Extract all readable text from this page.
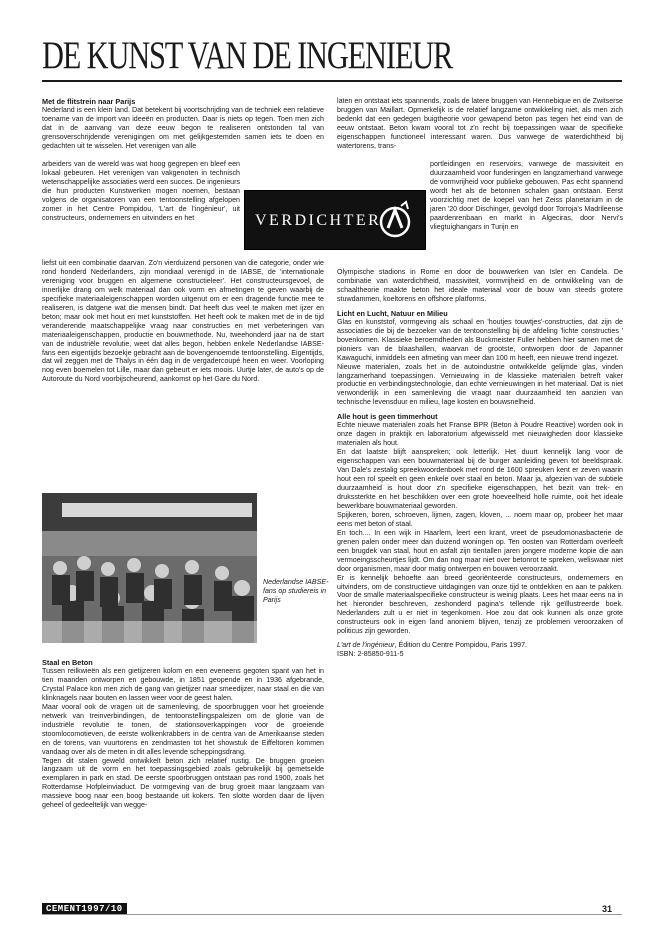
DE KUNST VAN DE INGENIEUR
Met de flitstrein naar Parijs

Nederland is een klein land. Dat betekent bij voortschrijding van de techniek een relatieve toename van de import van ideeën en producten. Daar is niets op tegen. Toen men zich dat in de aanvang van deze eeuw begon te realiseren ontstonden tal van grensoverschrijdende verenigingen om met gelijkgestemden samen iets te doen en gedachten uit te wisselen. Het verenigen van alle

laten en ontstaat iets spannends, zoals de latere bruggen van Hennebique en de Zwitserse bruggen van Maillart. Opmerkelijk is de relatief langzame ontwikkeling niet, als men zich bedenkt dat een gedegen buigtheorie voor gewapend beton pas tegen het eind van de eeuw ontstaat. Beton kwam vooral tot z'n recht bij toepassingen waar de specifieke eigenschappen functioneel interessant waren. Dus vanwege de waterdichtheid bij watertorens, trans-

arbeiders van de wereld was wat hoog gegrepen en bleef een lokaal gebeuren. Het verenigen van vakgenoten in technisch wetenschappelijke associaties werd een succes. De ingenieurs die hun producten Kunstwerken mogen noemen, bestaan volgens de organisatoren van een tentoonstelling afgelopen zomer in het Centre Pompidou, 'L'art de l'ingénieur', uit constructeurs, ondernemers en uitvinders en het

portleidingen en reservoirs, vanwege de massiviteit en duurzaamheid voor funderingen en langzamerhand vanwege de vormvrijheid voor publieke gebouwen. Pas echt spannend wordt het als de betonnen schalen gaan ontstaan. Eerst voorzichtig met de koepel van het Zeiss planetarium in de jaren '20 door Dischinger, gevolgd door Torroja's Madrileense paardenrenbaan en markt in Algeciras, door Nervi's vliegtuighangars in Turijn en

VERDICHTER

liefst uit een combinatie daarvan. Zo'n vierduizend personen van die categorie, onder wie rond honderd Nederlanders, zijn mondiaal verenigd in de IABSE, de 'internationale vereniging voor bruggen en algemene constructieleer'. Het constructeursgevoel, de innerlijke drang om welk materiaal dan ook vorm en afmetingen te geven waarbij de specifieke materiaaleigenschappen worden uitgenut om er een dragende functie mee te realiseren, is datgene wat die mensen bindt. Dat heeft dus veel te maken met ijzer en beton; maar ook met hout en met kunststoffen. Het heeft ook te maken met de in de tijd veranderende maatschappelijke vraag naar constructies en met verbeteringen van materiaaleigenschappen, productie en bouwmethode. Nu, tweehonderd jaar na de start van de industriële revolutie, weet dat alles begon, hebben enkele Nederlandse IABSE-fans een eigentijds bezoekje gebracht aan de bovengenoemde tentoonstelling. Eigentijds, dat wil zeggen met de Thalys in één dag in de vergadercoupé heen en weer. Voorloping nog even boemelen tot Lille, maar dan gebeurt er iets moois. Uurtje later, de auto's op de Autoroute du Nord voorbijscheurend, aankomst op het Gare du Nord.

Olympische stadions in Rome en door de bouwwerken van Isler en Candela. De combinatie van waterdichtheid, massiviteit, vormvrijheid en de ontwikkeling van de schaaltheorie maakte beton het ideale materiaal voor de bouw van steeds grotere stuwdammen, koeltorens en offshore platforms.

Licht en Lucht, Natuur en Milieu

Glas en kunststof, vormgeving als schaal en 'houtjes touwtjes'-constructies, dat zijn de associaties die bij de bezoeker van de tentoonstelling bij de afdeling 'lichte constructies ' bovenkomen. Klassieke beroemdheden als Buckmeister Fuller hebben hier samen met de pioniers van de blaashallen, waarvan de grootste, ontworpen door de Japanner Kawaguchi, inmiddels een afmeting van meer dan 100 m heeft, een nieuwe trend ingezet.

Nieuwe materialen, zoals het in de autoindustrie ontwikkelde gelijmde glas, vinden langzamerhand toepassingen. Vernieuwing in de klassieke materialen betreft vaker productie en verbindingstechnologie, dan echte vernieuwingen in het materiaal. Dat is niet verwonderlijk in een samenleving die vraagt naar duurzaamheid ten aanzien van technische levensduur en milieu, lage kosten en bouwsnelheid.

Alle hout is geen timmerhout

Echte nieuwe materialen zoals het Franse BPR (Beton à Poudre Reactive) worden ook in onze dagen in praktijk en laboratorium afgewisseld met nieuwigheden door klassieke materialen als hout.

En dat laatste blijft aanspreken; ook letterlijk. Het duurt kennelijk lang voor de eigenschappen van een bouwmateriaal bij de burger aanleiding geven tot beeldspraak. Van Dale's zestalig spreekwoordenboek met rond de 1600 spreuken kent er zeven waarin hout een rol speelt en geen enkele over staal en beton. Maar ja, afgezien van de subtiele duurzaamheid is hout door z'n specifieke eigenschappen, het bezit van trek- en drukssterkte en het beschikken over een grote hoeveelheid holle ruimte, ooit het ideale bewerkbare bouwmateriaal geworden.

Spijkeren, boren, schroeven, lijmen, zagen, kloven, ... noem maar op, probeer het maar eens met beton of staal.

En toch.... In een wijk in Haarlem, leert een krant, vreet de pseudomonasbacterie de grenen palen onder meer dan duizend woningen op. Ten oosten van Rotterdam overleeft een brugdek van staal, hout en asfalt zijn tientallen jaren jongere moderne kopie die aan vermoeingsscheurtjes lijdt. Om dan nog maar niet over betonrot te spreken, weliswaar niet door organismen, maar door matig ontwerpen en bouwen veroorzaakt.

Er is kennelijk behoefte aan breed georiënteerde constructeurs, ondernemers en uitvinders, om de constructieve uitdagingen van onze tijd te ontdekken en aan te pakken. Voor de smalle materiaalspecifieke constructeur is weinig plaats. Lees het maar eens na in het hieronder beschreven, zeshonderd pagina's tellende rijk geïllustreerde boek. Nederlanders zult u er niet in tegenkomen. Hoe zou dat ook kunnen als onze grote constructeurs ook in eigen land anoniem blijven, tenzij ze problemen veroorzaken of politicus zijn geworden.

L'art de l'ingénieur, Édition du Centre Pompidou, Paris 1997.

ISBN: 2-85850-911-5

Nederlandse IABSE-fans op studiereis in Parijs
Staal en Beton

Tussen reilkwieën als een gietijzeren kolom en een eveneens gegoten spant van het in tien maanden ontworpen en gebouwde, in 1851 geopende en in 1936 afgebrande, Crystal Palace kon men zich de gang van gietijzer naar smeedijzer, naar staal en die van klinknagels naar bouten en lassen weer voor de geest halen.

Maar vooral ook de vragen uit de samenleving, de spoorbruggen voor het groeiende netwerk van treinverbindingen, de tentoonstellingspaleizen om de glorie van de industriële revolutie te tonen, de stationsoverkappingen voor de groeiende stoomlocomotieven, de eerste wolkenkrabbers in de centra van de Amerikaanse steden en de torens, van vuurtorens en zendmasten tot het showstuk de Eiffeltoren kommen vandaag over als de meten in dit alles levende scheppingsdrang.

Tegen dit stalen geweld ontwikkelt beton zich relatief rustig. De bruggen groeien langzaam uit de vorm en het toepassingsgebied zoals gebruikelijk bij gemetselde exemplaren in park en stad. De eerste spoorbruggen ontstaan pas rond 1900, zoals het Rotterdamse Hofpleinviaduct. De vormgeving van de brug groeit maar langzaam van massieve boog naar een boog bestaande uit kokers. Ten slotte worden daar de lijven geheel of gedeeltelijk van wegge-

CEMENT1997/10	31
